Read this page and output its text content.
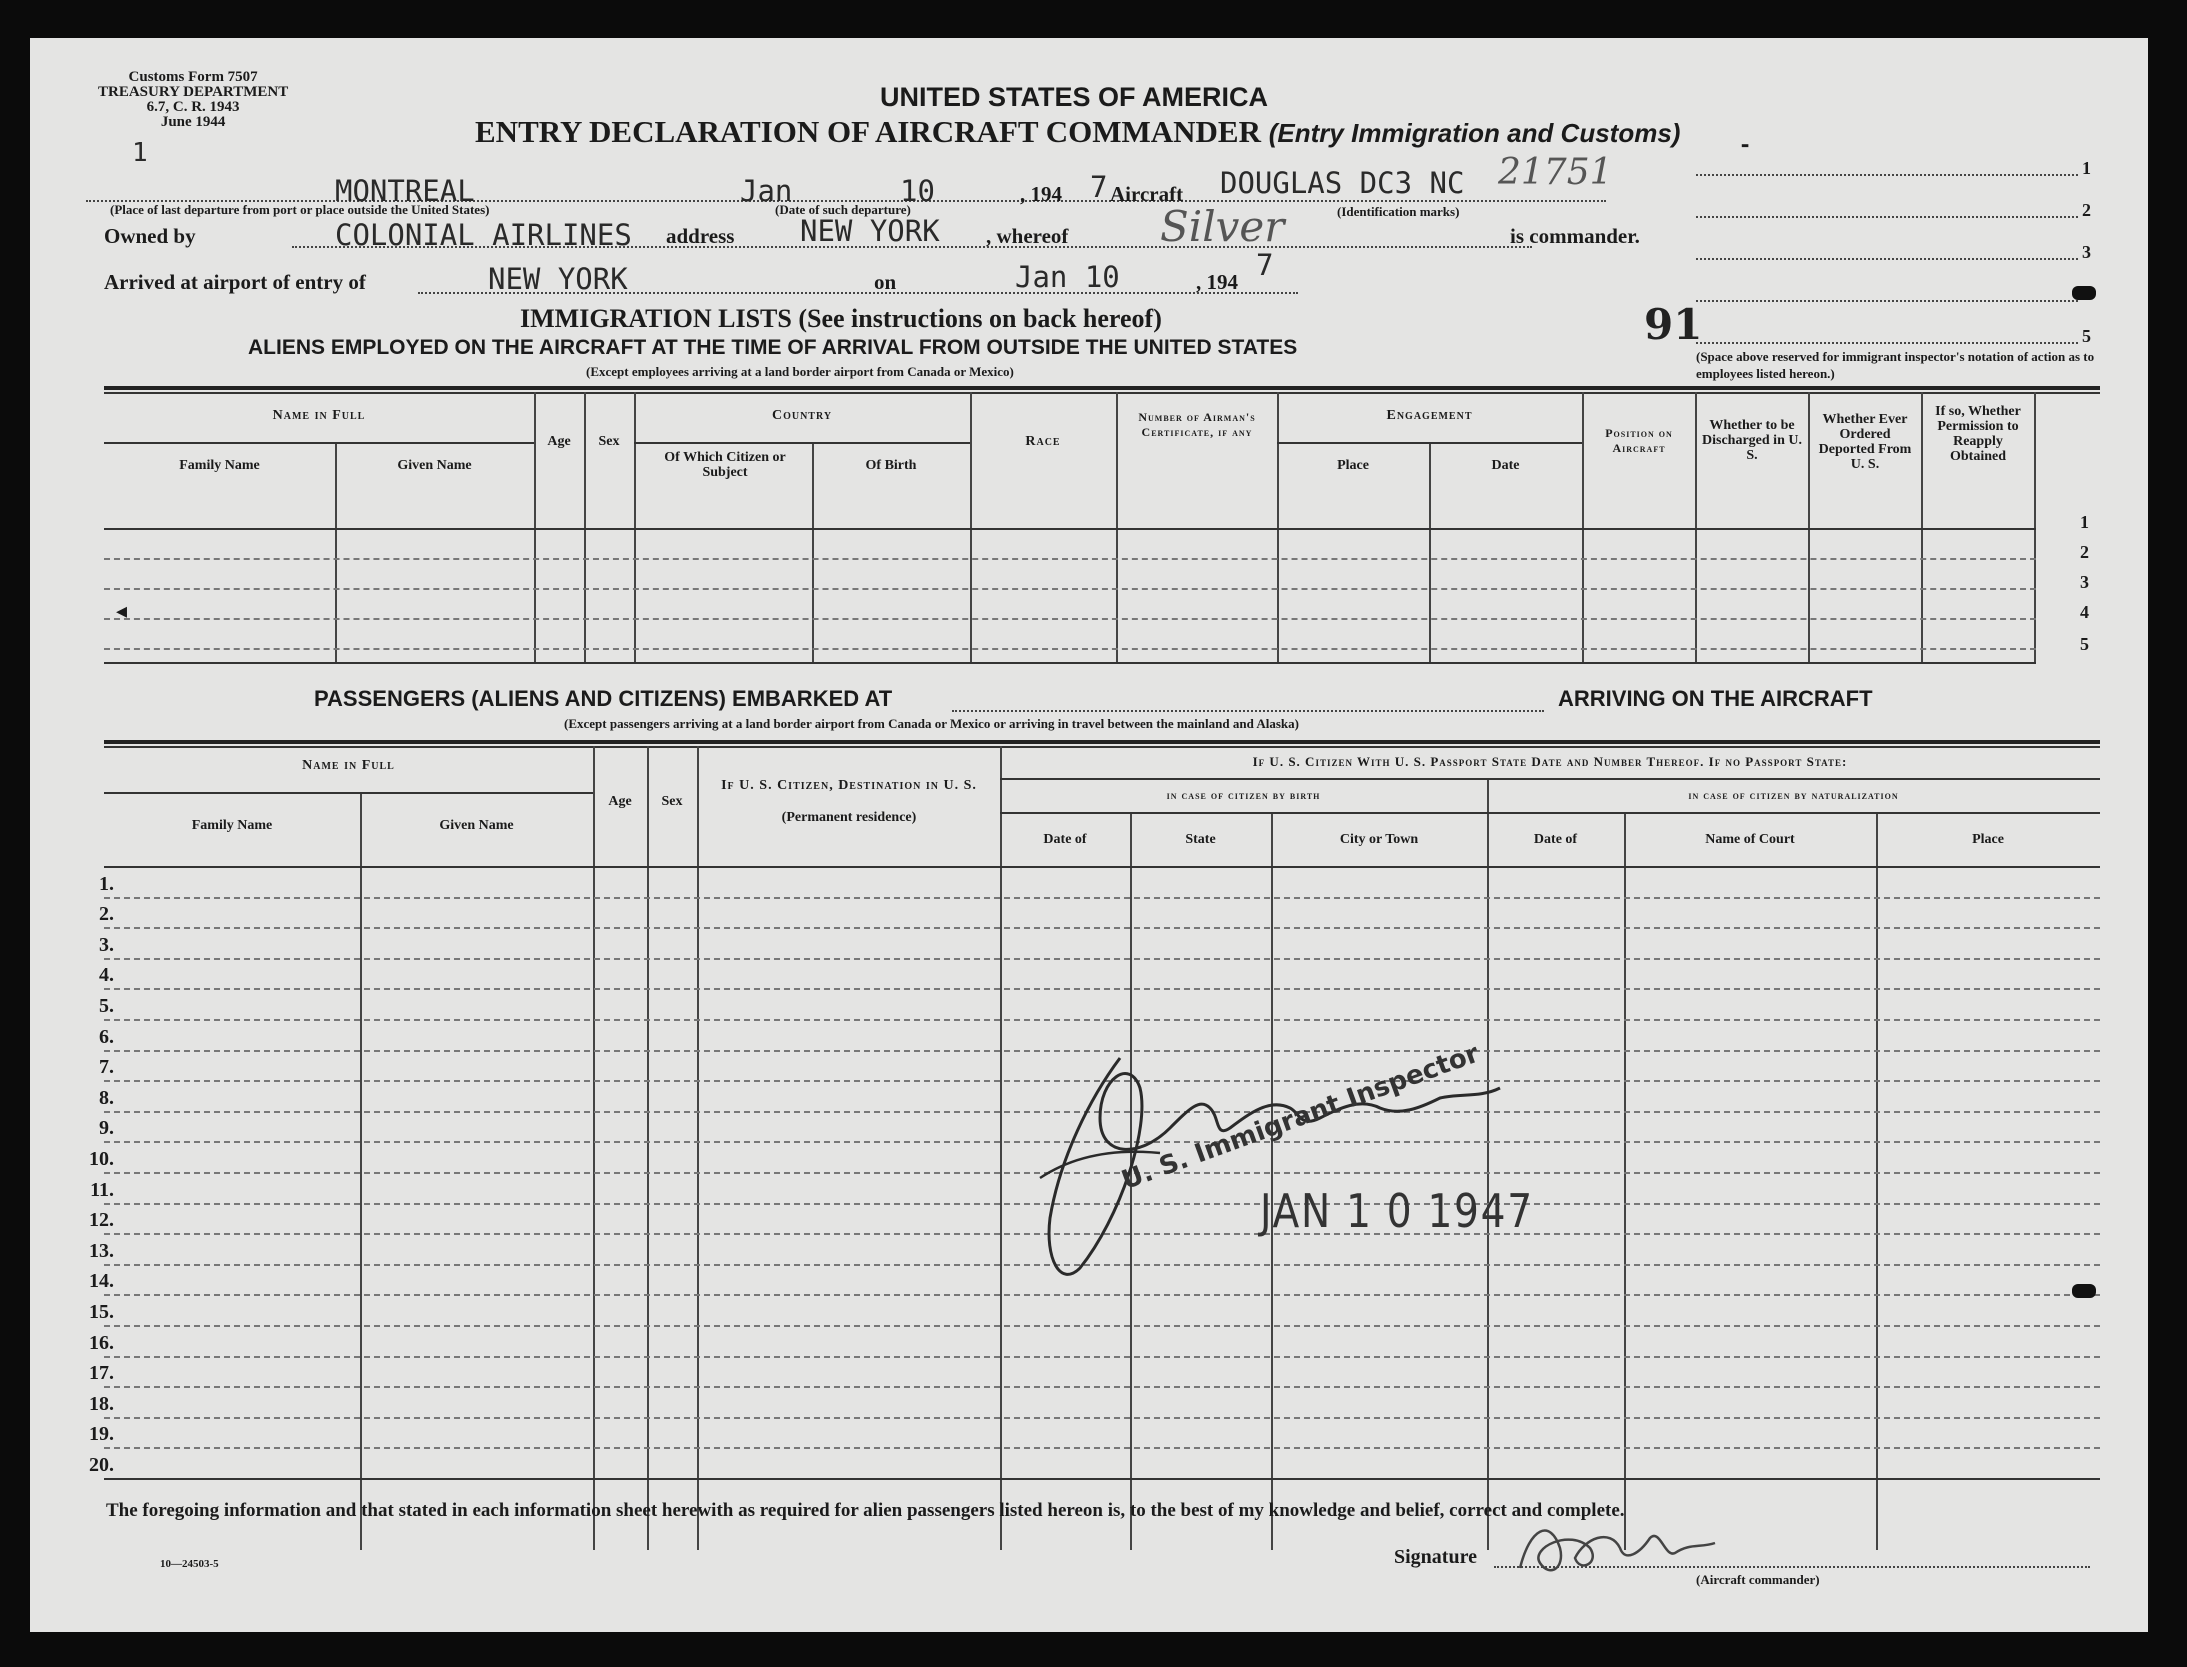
Customs Form 7507
TREASURY DEPARTMENT
6.7, C. R. 1943
June 1944
1
UNITED STATES OF AMERICA
ENTRY DECLARATION OF AIRCRAFT COMMANDER (Entry Immigration and Customs)	⁃
MONTREAL	Jan	10	, 194 7 Aircraft DOUGLAS DC3 NC 21751
(Place of last departure from port or place outside the United States)	(Date of such departure)	(Identification marks)
Owned by	COLONIAL AIRLINES address NEW YORK , whereof Silver	is commander.
Arrived at airport of entry of	NEW YORK	on	Jan 10	, 194 7
1
2
3
5
91
(Space above reserved for immigrant inspector's notation of action as to employees listed hereon.)
IMMIGRATION LISTS (See instructions on back hereof)
ALIENS EMPLOYED ON THE AIRCRAFT AT THE TIME OF ARRIVAL FROM OUTSIDE THE UNITED STATES
(Except employees arriving at a land border airport from Canada or Mexico)
Name in Full
Family Name	Given Name
Age	Sex
Country
Of Which Citizen or Subject	Of Birth
Race
Number of Airman's Certificate, if any
Engagement
Place	Date
Position on Aircraft
Whether to be Discharged in U. S.
Whether Ever Ordered Deported From U. S.
If so, Whether Permission to Reapply Obtained
1
2
3
4
5
PASSENGERS (ALIENS AND CITIZENS) EMBARKED AT	ARRIVING ON THE AIRCRAFT
(Except passengers arriving at a land border airport from Canada or Mexico or arriving in travel between the mainland and Alaska)
Name in Full
Family Name	Given Name
Age	Sex
If U. S. Citizen, Destination in U. S.
(Permanent residence)
If U. S. Citizen With U. S. Passport State Date and Number Thereof. If no Passport State:
in case of citizen by birth	in case of citizen by naturalization
Date of	State	City or Town	Date of	Name of Court	Place
1.
2.
3.
4.
5.
6.
7.
8.
9.
10.
11.
12.
13.
14.
15.
16.
17.
18.
19.
20.
U. S. Immigrant Inspector
JAN 1 0 1947
◂
The foregoing information and that stated in each information sheet herewith as required for alien passengers listed hereon is, to the best of my knowledge and belief, correct and complete.
10—24503-5	Signature
(Aircraft commander)
